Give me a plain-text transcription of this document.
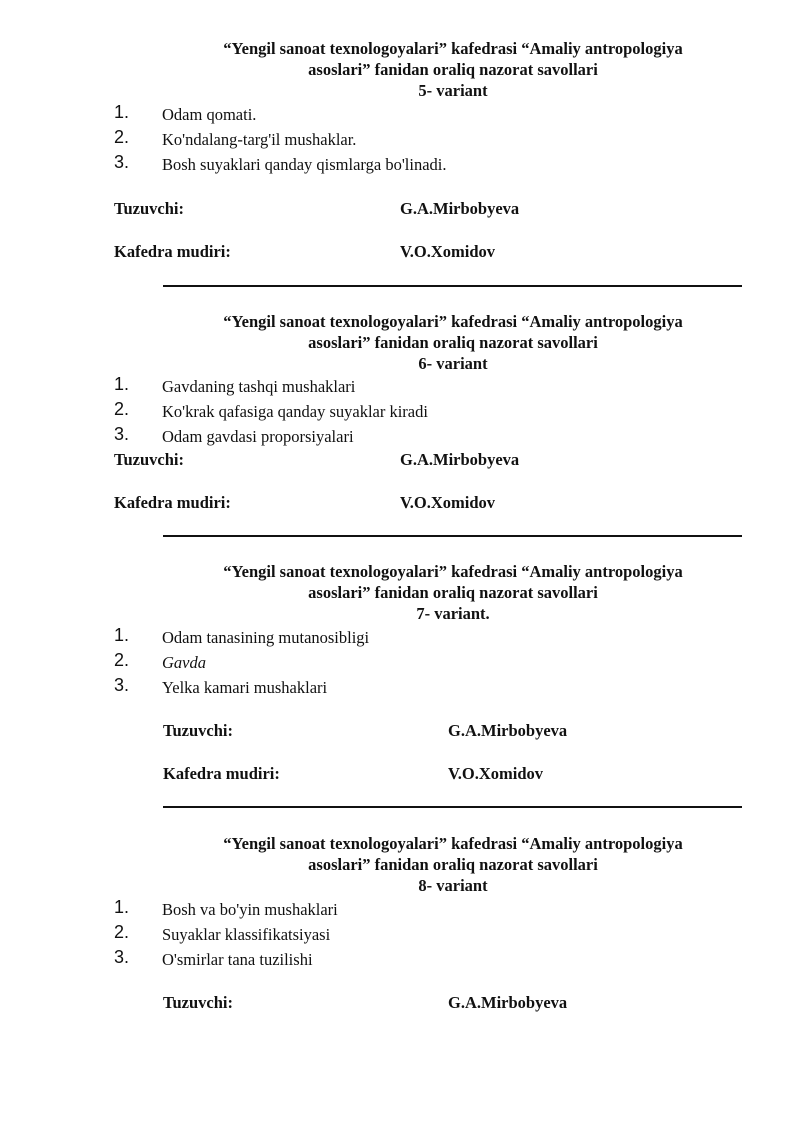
“Yengil sanoat texnologoyalari” kafedrasi “Amaliy antropologiya
asoslari” fanidan oraliq nazorat savollari
5- variant
1. Odam qomati.
2. Ko'ndalang-targ'il mushaklar.
3. Bosh suyaklari qanday qismlarga bo'linadi.
Tuzuvchi:	G.A.Mirbobyeva
Kafedra mudiri:	V.O.Xomidov
“Yengil sanoat texnologoyalari” kafedrasi “Amaliy antropologiya
asoslari” fanidan oraliq nazorat savollari
6- variant
1. Gavdaning tashqi mushaklari
2. Ko'krak qafasiga qanday suyaklar kiradi
3. Odam gavdasi proporsiyalari
Tuzuvchi:	G.A.Mirbobyeva
Kafedra mudiri:	V.O.Xomidov
“Yengil sanoat texnologoyalari” kafedrasi “Amaliy antropologiya
asoslari” fanidan oraliq nazorat savollari
7- variant.
1. Odam tanasining mutanosibligi
2. Gavda
3. Yelka kamari mushaklari
Tuzuvchi:	G.A.Mirbobyeva
Kafedra mudiri:	V.O.Xomidov
“Yengil sanoat texnologoyalari” kafedrasi “Amaliy antropologiya
asoslari” fanidan oraliq nazorat savollari
8- variant
1. Bosh va bo'yin mushaklari
2. Suyaklar klassifikatsiyasi
3. O'smirlar tana tuzilishi
Tuzuvchi:	G.A.Mirbobyeva
